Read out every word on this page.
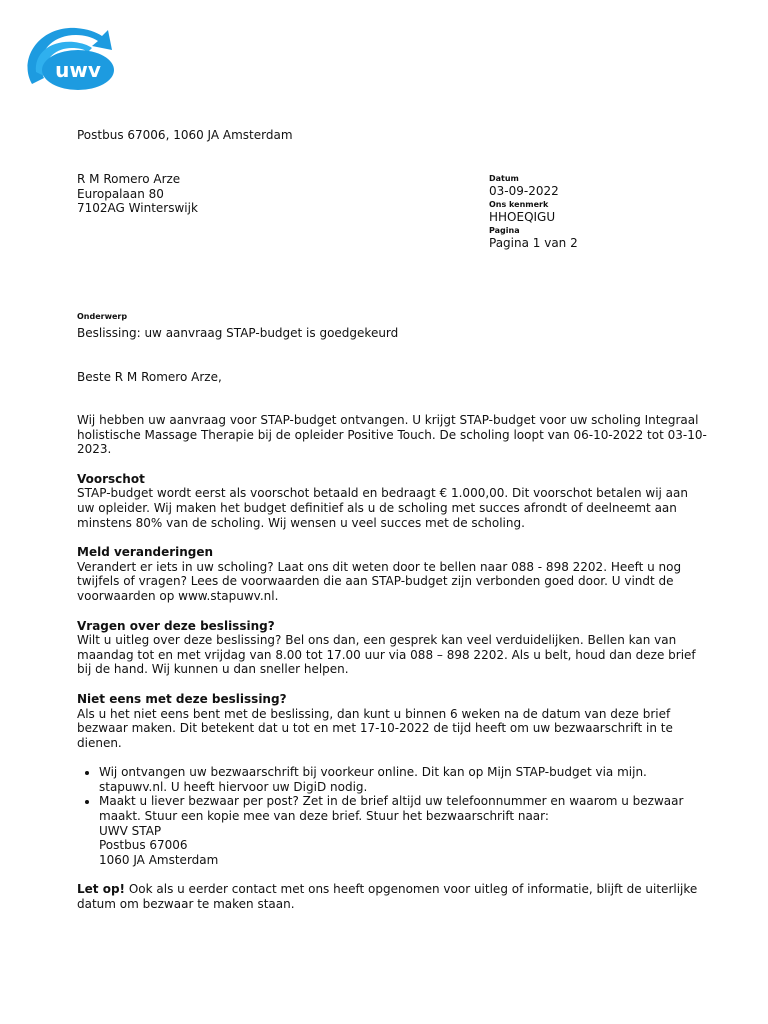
uwv
Postbus 67006, 1060 JA Amsterdam
R M Romero Arze
Europalaan 80
7102AG Winterswijk
Datum
03-09-2022
Ons kenmerk
HHOEQIGU
Pagina
Pagina 1 van 2
Onderwerp
Beslissing: uw aanvraag STAP-budget is goedgekeurd
Beste R M Romero Arze,

Wij hebben uw aanvraag voor STAP-budget ontvangen. U krijgt STAP-budget voor uw scholing Integraal holistische Massage Therapie bij de opleider Positive Touch. De scholing loopt van 06-10-2022 tot 03-10-2023.

Voorschot

STAP-budget wordt eerst als voorschot betaald en bedraagt € 1.000,00. Dit voorschot betalen wij aan uw opleider. Wij maken het budget definitief als u de scholing met succes afrondt of deelneemt aan minstens 80% van de scholing. Wij wensen u veel succes met de scholing.

Meld veranderingen

Verandert er iets in uw scholing? Laat ons dit weten door te bellen naar 088 - 898 2202. Heeft u nog twijfels of vragen? Lees de voorwaarden die aan STAP-budget zijn verbonden goed door. U vindt de voorwaarden op www.stapuwv.nl.

Vragen over deze beslissing?

Wilt u uitleg over deze beslissing? Bel ons dan, een gesprek kan veel verduidelijken. Bellen kan van maandag tot en met vrijdag van 8.00 tot 17.00 uur via 088 – 898 2202. Als u belt, houd dan deze brief bij de hand. Wij kunnen u dan sneller helpen.

Niet eens met deze beslissing?

Als u het niet eens bent met de beslissing, dan kunt u binnen 6 weken na de datum van deze brief bezwaar maken. Dit betekent dat u tot en met 17-10-2022 de tijd heeft om uw bezwaarschrift in te dienen.

• Wij ontvangen uw bezwaarschrift bij voorkeur online. Dit kan op Mijn STAP-budget via mijn. stapuwv.nl. U heeft hiervoor uw DigiD nodig.
• Maakt u liever bezwaar per post? Zet in de brief altijd uw telefoonnummer en waarom u bezwaar maakt. Stuur een kopie mee van deze brief. Stuur het bezwaarschrift naar:
UWV STAP
Postbus 67006
1060 JA Amsterdam

Let op! Ook als u eerder contact met ons heeft opgenomen voor uitleg of informatie, blijft de uiterlijke datum om bezwaar te maken staan.
